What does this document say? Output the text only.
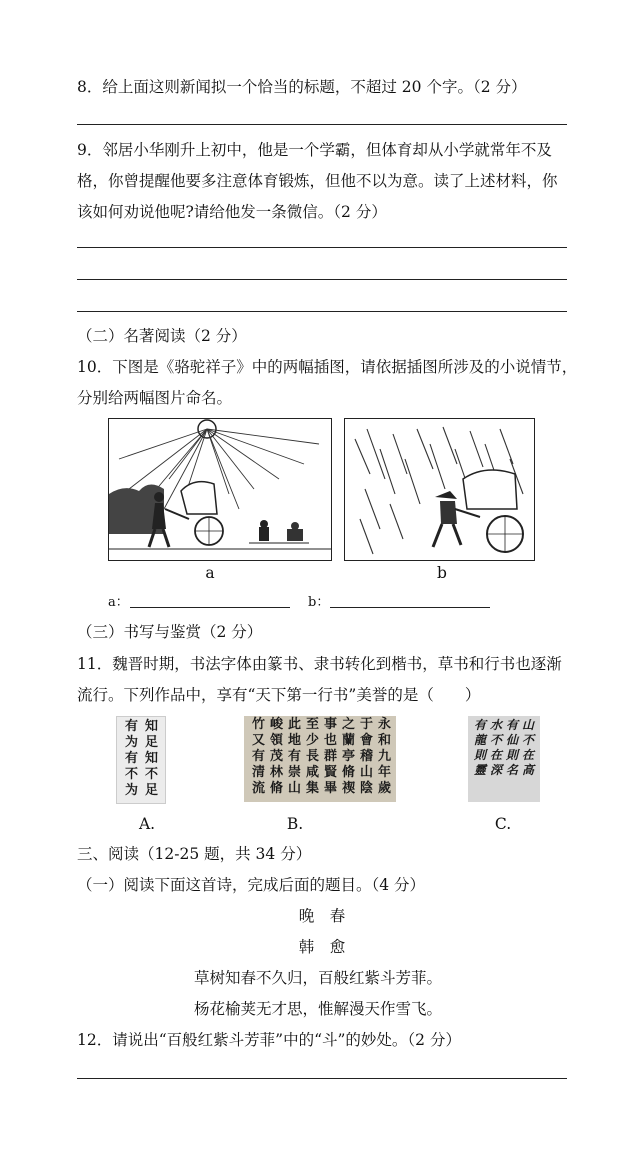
8．给上面这则新闻拟一个恰当的标题，不超过 20 个字。（2 分）
9．邻居小华刚升上初中，他是一个学霸，但体育却从小学就常年不及
格，你曾提醒他要多注意体育锻炼，但他不以为意。读了上述材料，你
该如何劝说他呢?请给他发一条微信。（2 分）
（二）名著阅读（2 分）
10．下图是《骆驼祥子》中的两幅插图，请依据插图所涉及的小说情节，
分别给两幅图片命名。
a	b
a：	b：
（三）书写与鉴赏（2 分）
11．魏晋时期，书法字体由篆书、隶书转化到楷书，草书和行书也逐渐
流行。下列作品中，享有“天下第一行书”美誉的是（　　）
知足知不足
有为有不为
A.
永和九年歲
于會稽山陰
之蘭亭脩禊
事也群賢畢
至少長咸集
此地有崇山
峻領茂林脩
竹又有清流
B.
山不在高
有仙則名
水不在深
有龍則靈
C.
三、阅读（12-25 题，共 34 分）
（一）阅读下面这首诗，完成后面的题目。（4 分）
晚　春
韩　愈
草树知春不久归，百般红紫斗芳菲。
杨花榆荚无才思，惟解漫天作雪飞。
12．请说出“百般红紫斗芳菲”中的“斗”的妙处。（2 分）
